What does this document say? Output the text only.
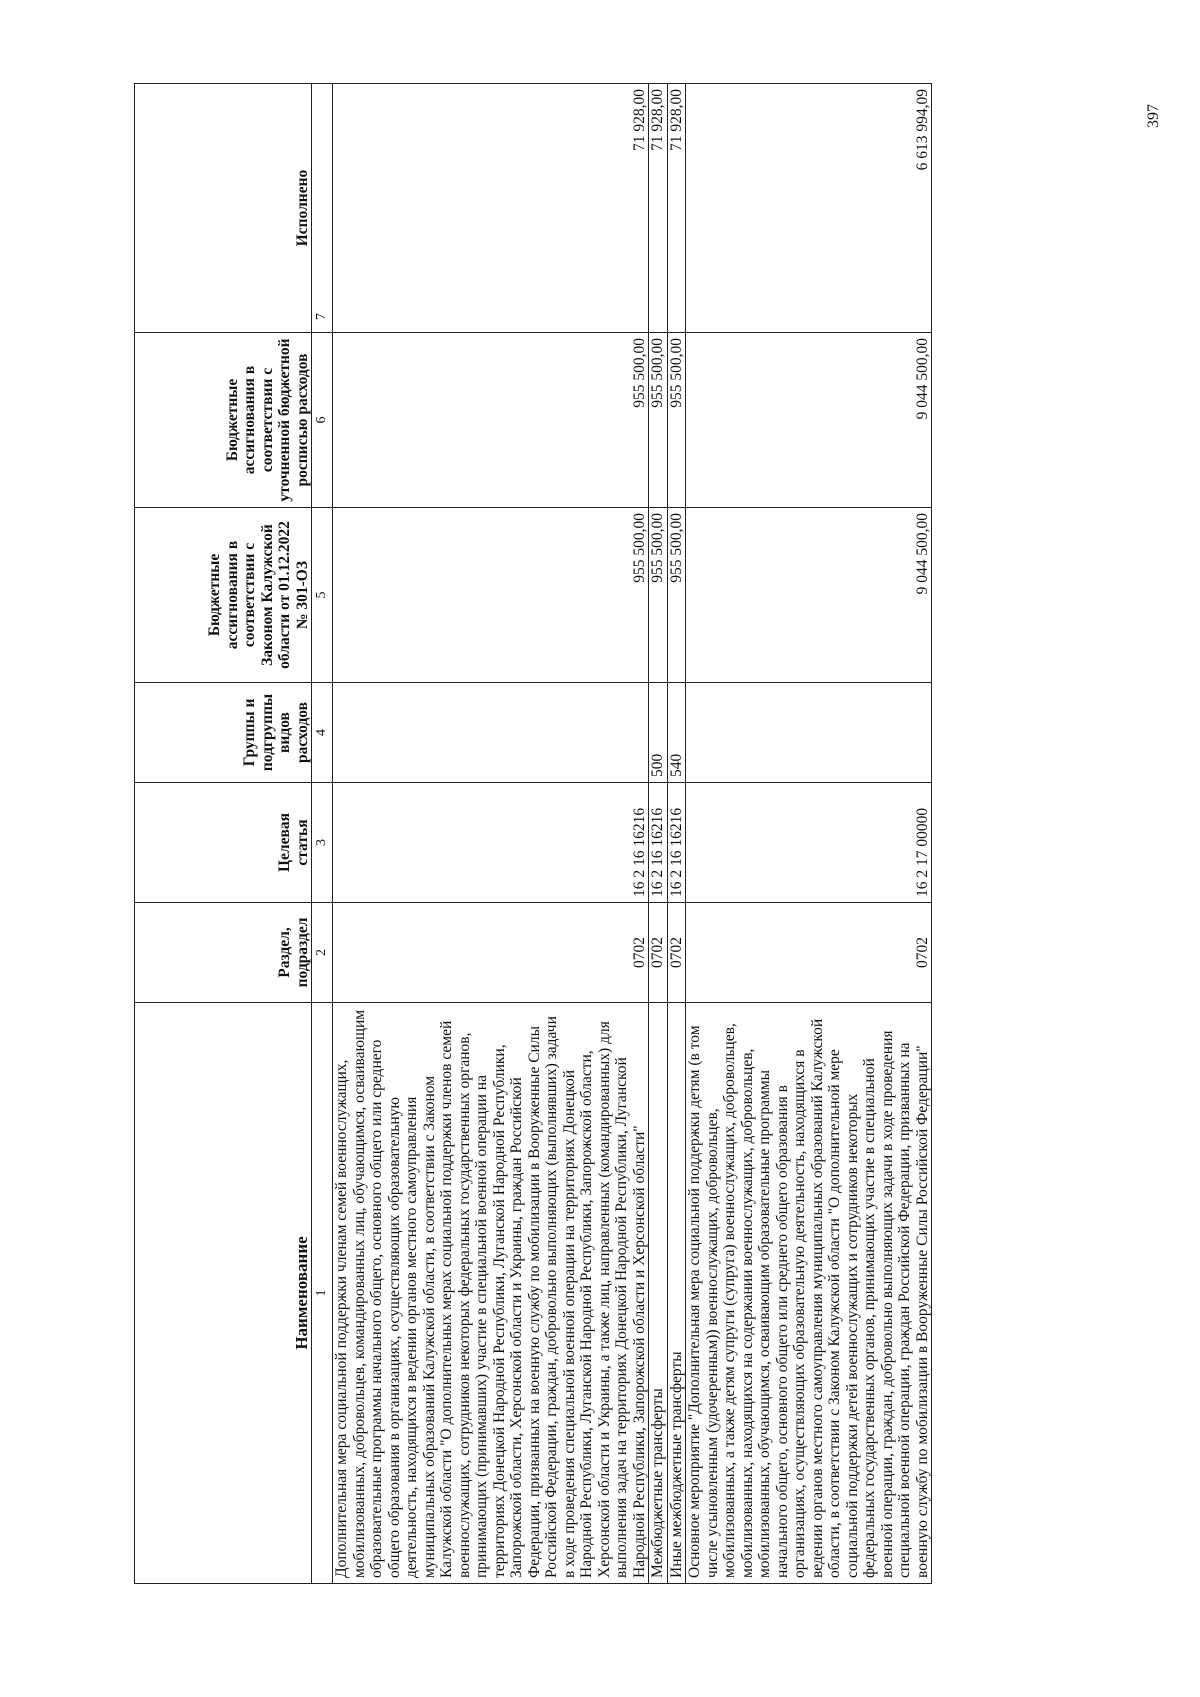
397
Наименование	Раздел, подраздел	Целевая статья	Группы и подгруппы видов расходов	Бюджетные ассигнования в соответствии с Законом Калужской области от 01.12.2022 № 301-ОЗ	Бюджетные ассигнования в соответствии с уточненной бюджетной росписью расходов	Исполнено
1	2	3	4	5	6	7
Дополнительная мера социальной поддержки членам семей военнослужащих, мобилизованных, добровольцев, командированных лиц, обучающимся, осваивающим образовательные программы начального общего, основного общего или среднего общего образования в организациях, осуществляющих образовательную деятельность, находящихся в ведении органов местного самоуправления муниципальных образований Калужской области, в соответствии с Законом Калужской области "О дополнительных мерах социальной поддержки членов семей военнослужащих, сотрудников некоторых федеральных государственных органов, принимающих (принимавших) участие в специальной военной операции на территориях Донецкой Народной Республики, Луганской Народной Республики, Запорожской области, Херсонской области и Украины, граждан Российской Федерации, призванных на военную службу по мобилизации в Вооруженные Силы Российской Федерации, граждан, добровольно выполняющих (выполнявших) задачи в ходе проведения специальной военной операции на территориях Донецкой Народной Республики, Луганской Народной Республики, Запорожской области, Херсонской области и Украины, а также лиц, направленных (командированных) для выполнения задач на территориях Донецкой Народной Республики, Луганской Народной Республики, Запорожской области и Херсонской области"	0702	16 2 16 16216		955 500,00	955 500,00	71 928,00
Межбюджетные трансферты	0702	16 2 16 16216	500	955 500,00	955 500,00	71 928,00
Иные межбюджетные трансферты	0702	16 2 16 16216	540	955 500,00	955 500,00	71 928,00
Основное мероприятие "Дополнительная мера социальной поддержки детям (в том числе усыновленным (удочеренным)) военнослужащих, добровольцев, мобилизованных, а также детям супруги (супруга) военнослужащих, добровольцев, мобилизованных, находящихся на содержании военнослужащих, добровольцев, мобилизованных, обучающимся, осваивающим образовательные программы начального общего, основного общего или среднего общего образования в организациях, осуществляющих образовательную деятельность, находящихся в ведении органов местного самоуправления муниципальных образований Калужской области, в соответствии с Законом Калужской области "О дополнительной мере социальной поддержки детей военнослужащих и сотрудников некоторых федеральных государственных органов, принимающих участие в специальной военной операции, граждан, добровольно выполняющих задачи в ходе проведения специальной военной операции, граждан Российской Федерации, призванных на военную службу по мобилизации в Вооруженные Силы Российской Федерации"	0702	16 2 17 00000		9 044 500,00	9 044 500,00	6 613 994,09
